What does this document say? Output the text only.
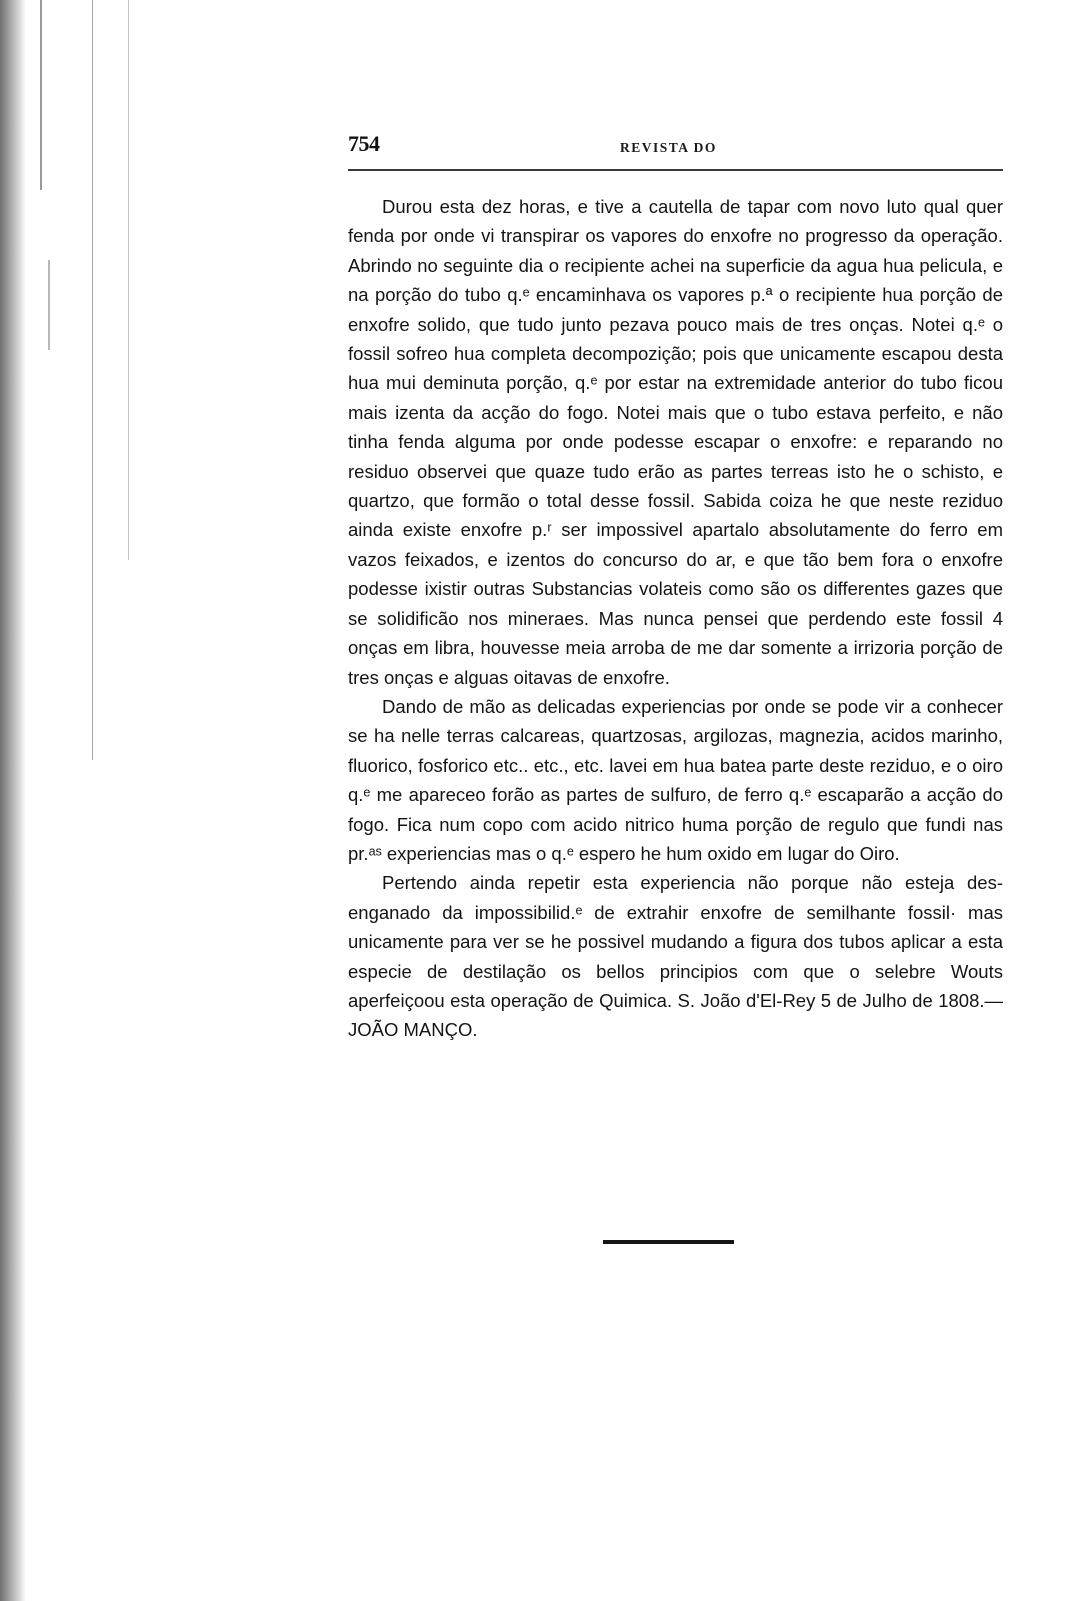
754	REVISTA DO

Durou esta dez horas, e tive a cautella de tapar com novo luto qual quer fenda por onde vi transpirar os vapores do enxofre no progresso da operação. Abrindo no seguinte dia o recipiente achei na superficie da agua hua pelicula, e na porção do tubo q.ᵉ encaminhava os vapores p.ª o recipiente hua porção de enxofre solido, que tudo junto pezava pouco mais de tres onças. Notei q.ᵉ o fossil sofreo hua completa decompozição; pois que unicamente escapou desta hua mui deminuta porção, q.ᵉ por estar na extremidade anterior do tubo ficou mais izenta da acção do fogo. Notei mais que o tubo estava perfeito, e não tinha fenda alguma por onde podesse escapar o enxofre: e reparando no residuo observei que quaze tudo erão as partes terreas isto he o schisto, e quartzo, que formão o total desse fossil. Sabida coiza he que neste reziduo ainda existe enxofre p.ʳ ser impossivel apartalo absolutamente do ferro em vazos feixados, e izentos do concurso do ar, e que tão bem fora o enxofre podesse ixistir outras Substancias volateis como são os differentes gazes que se solidificão nos mineraes. Mas nunca pensei que perdendo este fossil 4 onças em libra, houvesse meia arroba de me dar somente a irrizoria porção de tres onças e alguas oitavas de enxofre.

Dando de mão as delicadas experiencias por onde se pode vir a conhecer se ha nelle terras calcareas, quartzosas, argilozas, magnezia, acidos marinho, fluorico, fosforico etc.. etc., etc. lavei em hua batea parte deste reziduo, e o oiro q.ᵉ me apareceo forão as partes de sulfuro, de ferro q.ᵉ escaparão a acção do fogo. Fica num copo com acido nitrico huma porção de regulo que fundi nas pr.ᵃˢ experiencias mas o q.ᵉ espero he hum oxido em lugar do Oiro.

Pertendo ainda repetir esta experiencia não porque não esteja desenganado da impossibilid.ᵉ de extrahir enxofre de semilhante fossil· mas unicamente para ver se he possivel mudando a figura dos tubos aplicar a esta especie de destilação os bellos principios com que o selebre Wouts aperfeiçoou esta operação de Quimica. S. João d'El-Rey 5 de Julho de 1808.—JOÃO MANÇO.
